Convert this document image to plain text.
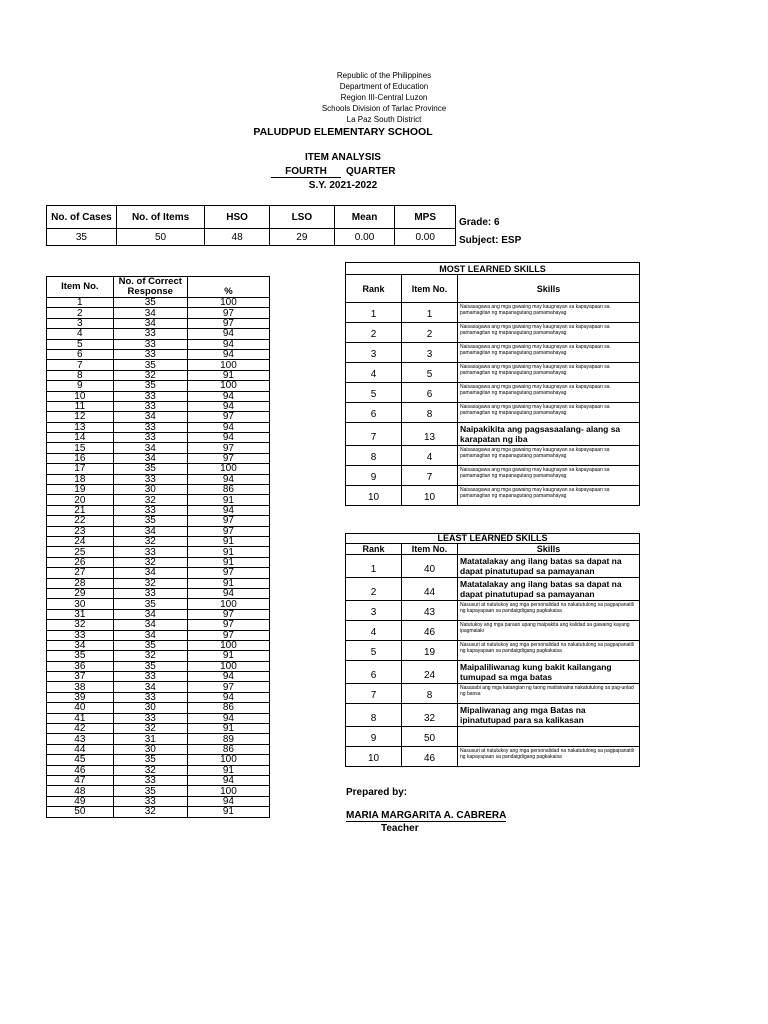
Republic of the Philippines
Department of Education
Region III-Central Luzon
Schools Division of Tarlac Province
La Paz South District
PALUDPUD ELEMENTARY SCHOOL
ITEM ANALYSIS
FOURTH	QUARTER
S.Y. 2021-2022
No. of Cases	No. of Items	HSO	LSO	Mean	MPS
35	50	48	29	0.00	0.00
Grade: 6
Subject: ESP
Item No.	No. of Correct Response	%
1	35	100
2	34	97
3	34	97
4	33	94
5	33	94
6	33	94
7	35	100
8	32	91
9	35	100
10	33	94
11	33	94
12	34	97
13	33	94
14	33	94
15	34	97
16	34	97
17	35	100
18	33	94
19	30	86
20	32	91
21	33	94
22	35	97
23	34	97
24	32	91
25	33	91
26	32	91
27	34	97
28	32	91
29	33	94
30	35	100
31	34	97
32	34	97
33	34	97
34	35	100
35	32	91
36	35	100
37	33	94
38	34	97
39	33	94
40	30	86
41	33	94
42	32	91
43	31	89
44	30	86
45	35	100
46	32	91
47	33	94
48	35	100
49	33	94
50	32	91
MOST LEARNED SKILLS		
Rank	Item No.	Skills
1	1	Naisasagawa ang mga gawaing may kaugnayan sa kapayapaan sa pamamagitan ng mapanagutang pamamahayag
2	2	Naisasagawa ang mga gawaing may kaugnayan sa kapayapaan sa pamamagitan ng mapanagutang pamamahayag
3	3	Naisasagawa ang mga gawaing may kaugnayan sa kapayapaan sa pamamagitan ng mapanagutang pamamahayag
4	5	Naisasagawa ang mga gawaing may kaugnayan sa kapayapaan sa pamamagitan ng mapanagutang pamamahayag
5	6	Naisasagawa ang mga gawaing may kaugnayan sa kapayapaan sa pamamagitan ng mapanagutang pamamahayag
6	8	Naisasagawa ang mga gawaing may kaugnayan sa kapayapaan sa pamamagitan ng mapanagutang pamamahayag
7	13	Naipakikita ang pagsasaalang- alang sa karapatan ng iba
8	4	Naisasagawa ang mga gawaing may kaugnayan sa kapayapaan sa pamamagitan ng mapanagutang pamamahayag
9	7	Naisasagawa ang mga gawaing may kaugnayan sa kapayapaan sa pamamagitan ng mapanagutang pamamahayag
10	10	Naisasagawa ang mga gawaing may kaugnayan sa kapayapaan sa pamamagitan ng mapanagutang pamamahayag
LEAST LEARNED SKILLS		
Rank	Item No.	Skills
1	40	Matatalakay ang ilang batas sa dapat na dapat pinatutupad sa pamayanan
2	44	Matatalakay ang ilang batas sa dapat na dapat pinatutupad sa pamayanan
3	43	Nasusuri at natutukoy ang mga personalidad na nakatutulong sa pagpapanatili ng kapayapaan sa pandaigdigang pagkakaisa
4	46	Natutukoy ang mga paraan upang maipakita ang kalidad sa gawaing kayang ipagmalaki
5	19	Nasusuri at natutukoy ang mga personalidad na nakatutulong sa pagpapanatili ng kapayapaan sa pandaigdigang pagkakaisa
6	24	Maipaliliwanag kung bakit kailangang tumupad sa mga batas
7	8	Nasasabi ang mga katangian ng taong matiisinaina nakatutulong sa pag-unlad ng bansa
8	32	Mipaliwanag ang mga Batas na ipinatutupad para sa kalikasan
9	50	
10	46	Nasusuri at natutukoy ang mga personalidad na nakatutulong sa pagpapanatili ng kapayapaan sa pandaigdigang pagkakaisa
Prepared by:
MARIA MARGARITA A. CABRERA
Teacher
